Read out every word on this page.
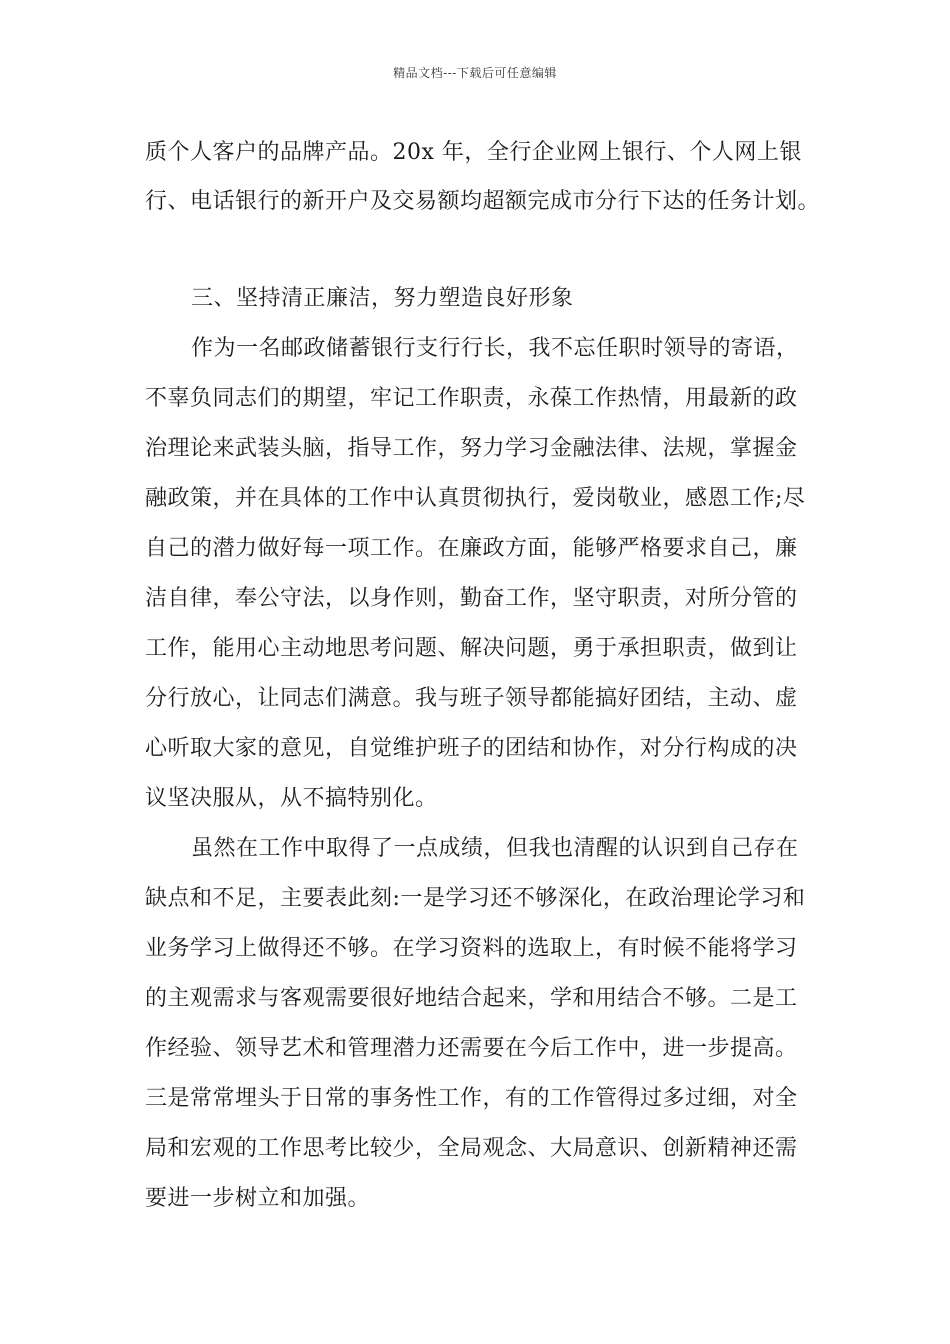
精品文档---下载后可任意编辑
质个人客户的品牌产品。20x 年，全行企业网上银行、个人网上银
行、电话银行的新开户及交易额均超额完成市分行下达的任务计划。
三、坚持清正廉洁，努力塑造良好形象
作为一名邮政储蓄银行支行行长，我不忘任职时领导的寄语，
不辜负同志们的期望，牢记工作职责，永葆工作热情，用最新的政
治理论来武装头脑，指导工作，努力学习金融法律、法规，掌握金
融政策，并在具体的工作中认真贯彻执行，爱岗敬业，感恩工作;尽
自己的潜力做好每一项工作。在廉政方面，能够严格要求自己，廉
洁自律，奉公守法，以身作则，勤奋工作，坚守职责，对所分管的
工作，能用心主动地思考问题、解决问题，勇于承担职责，做到让
分行放心，让同志们满意。我与班子领导都能搞好团结，主动、虚
心听取大家的意见，自觉维护班子的团结和协作，对分行构成的决
议坚决服从，从不搞特别化。
虽然在工作中取得了一点成绩，但我也清醒的认识到自己存在
缺点和不足，主要表此刻:一是学习还不够深化，在政治理论学习和
业务学习上做得还不够。在学习资料的选取上，有时候不能将学习
的主观需求与客观需要很好地结合起来，学和用结合不够。二是工
作经验、领导艺术和管理潜力还需要在今后工作中，进一步提高。
三是常常埋头于日常的事务性工作，有的工作管得过多过细，对全
局和宏观的工作思考比较少，全局观念、大局意识、创新精神还需
要进一步树立和加强。
